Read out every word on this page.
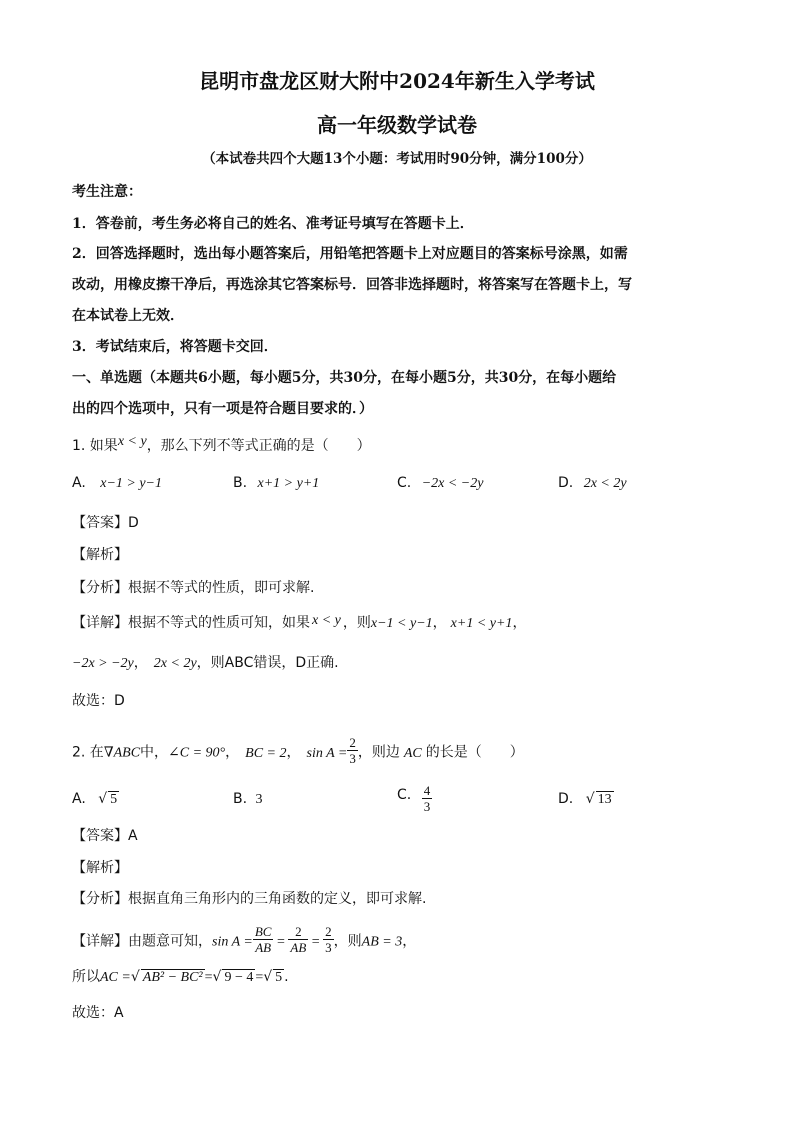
昆明市盘龙区财大附中2024年新生入学考试
高一年级数学试卷
（本试卷共四个大题13个小题：考试用时90分钟，满分100分）
考生注意：
1．答卷前，考生务必将自己的姓名、准考证号填写在答题卡上．
2．回答选择题时，选出每小题答案后，用铅笔把答题卡上对应题目的答案标号涂黑，如需
改动，用橡皮擦干净后，再选涂其它答案标号．回答非选择题时，将答案写在答题卡上，写
在本试卷上无效．
3．考试结束后，将答题卡交回．
一、单选题（本题共6小题，每小题5分，共30分，在每小题5分，共30分，在每小题给
出的四个选项中，只有一项是符合题目要求的．）
1. 如果x < y，那么下列不等式正确的是（　　）
A. x−1 > y−1	B. x+1 > y+1	C. −2x < −2y	D. 2x < 2y
【答案】D
【解析】
【分析】根据不等式的性质，即可求解.
【详解】根据不等式的性质可知，如果 x < y ，则x−1 < y−1， x+1 < y+1，
−2x > −2y， 2x < 2y，则ABC错误，D正确.
故选：D
2. 在∇ABC中，∠C = 90°， BC = 2， $\sin A = \frac{2}{3}$ ，则边 AC 的长是（　　）
A. √ 5	B. 3	C. $\frac{4}{3}$	D. √ 13
【答案】A
【解析】
【分析】根据直角三角形内的三角函数的定义，即可求解.
【详解】由题意可知，$\sin A = \frac{BC}{AB} = \frac{2}{AB} = \frac{2}{3}$ ，则AB = 3，
所以AC =√ AB² − BC² =√ 9 − 4 =√ 5 .
故选：A
